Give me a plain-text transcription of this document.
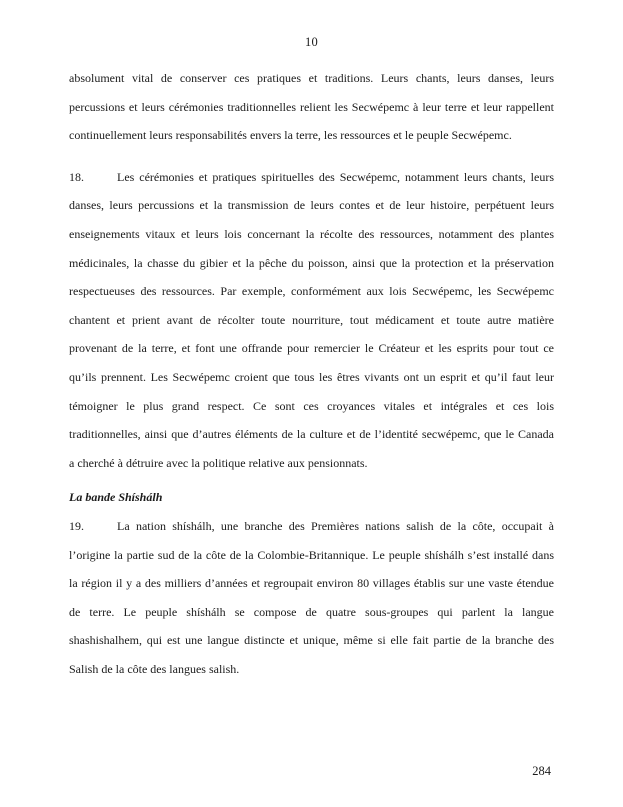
10
absolument vital de conserver ces pratiques et traditions. Leurs chants, leurs danses, leurs
percussions et leurs cérémonies traditionnelles relient les Secwépemc à leur terre et leur rappellent
continuellement leurs responsabilités envers la terre, les ressources et le peuple Secwépemc.
18.	Les cérémonies et pratiques spirituelles des Secwépemc, notamment leurs chants, leurs
danses, leurs percussions et la transmission de leurs contes et de leur histoire, perpétuent leurs
enseignements vitaux et leurs lois concernant la récolte des ressources, notamment des plantes
médicinales, la chasse du gibier et la pêche du poisson, ainsi que la protection et la préservation
respectueuses des ressources. Par exemple, conformément aux lois Secwépemc, les Secwépemc
chantent et prient avant de récolter toute nourriture, tout médicament et toute autre matière
provenant de la terre, et font une offrande pour remercier le Créateur et les esprits pour tout ce
qu’ils prennent. Les Secwépemc croient que tous les êtres vivants ont un esprit et qu’il faut leur
témoigner le plus grand respect. Ce sont ces croyances vitales et intégrales et ces lois
traditionnelles, ainsi que d’autres éléments de la culture et de l’identité secwépemc, que le Canada
a cherché à détruire avec la politique relative aux pensionnats.
La bande Shíshálh
19.	La nation shíshálh, une branche des Premières nations salish de la côte, occupait à
l’origine la partie sud de la côte de la Colombie-Britannique. Le peuple shíshálh s’est installé dans
la région il y a des milliers d’années et regroupait environ 80 villages établis sur une vaste étendue
de terre. Le peuple shíshálh se compose de quatre sous-groupes qui parlent la langue
shashishalhem, qui est une langue distincte et unique, même si elle fait partie de la branche des
Salish de la côte des langues salish.
284
